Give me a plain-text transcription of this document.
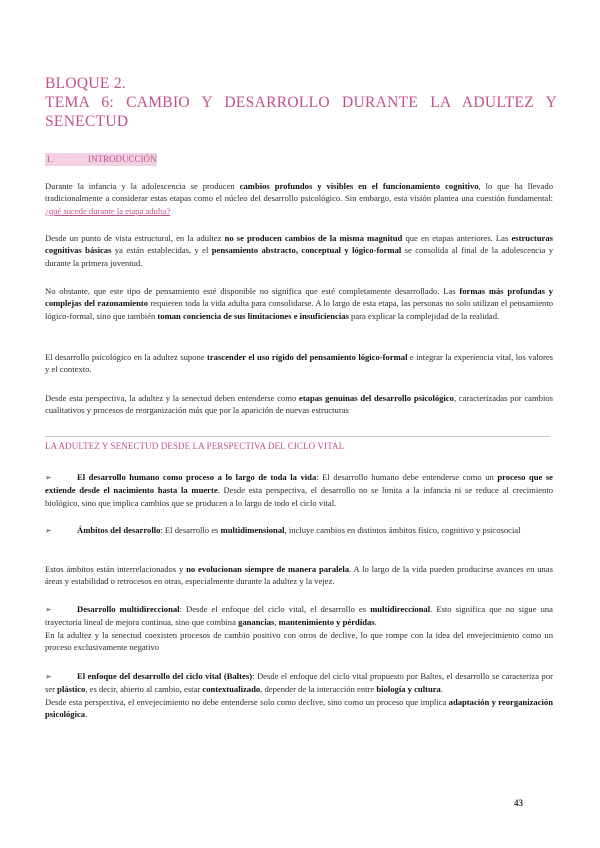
BLOQUE 2.
TEMA 6: CAMBIO Y DESARROLLO DURANTE LA ADULTEZ Y
SENECTUD
1.	INTRODUCCIÓN
Durante la infancia y la adolescencia se producen cambios profundos y visibles en el funcionamiento cognitivo, lo que ha llevado tradicionalmente a considerar estas etapas como el núcleo del desarrollo psicológico. Sin embargo, esta visión plantea una cuestión fundamental: ¿qué sucede durante la etapa adulta?
Desde un punto de vista estructural, en la adultez no se producen cambios de la misma magnitud que en etapas anteriores. Las estructuras cognitivas básicas ya están establecidas, y el pensamiento abstracto, conceptual y lógico-formal se consolida al final de la adolescencia y durante la primera juventud.
No obstante, que este tipo de pensamiento esté disponible no significa que esté completamente desarrollado. Las formas más profundas y complejas del razonamiento requieren toda la vida adulta para consolidarse. A lo largo de esta etapa, las personas no solo utilizan el pensamiento lógico-formal, sino que también toman conciencia de sus limitaciones e insuficiencias para explicar la complejidad de la realidad.
El desarrollo psicológico en la adultez supone trascender el uso rígido del pensamiento lógico-formal e integrar la experiencia vital, los valores y el contexto.
Desde esta perspectiva, la adultez y la senectud deben entenderse como etapas genuinas del desarrollo psicológico, caracterizadas por cambios cualitativos y procesos de reorganización más que por la aparición de nuevas estructuras
LA ADULTEZ Y SENECTUD DESDE LA PERSPECTIVA DEL CICLO VITAL
➢	El desarrollo humano como proceso a lo largo de toda la vida: El desarrollo humano debe entenderse como un proceso que se extiende desde el nacimiento hasta la muerte. Desde esta perspectiva, el desarrollo no se limita a la infancia ni se reduce al crecimiento biológico, sino que implica cambios que se producen a lo largo de todo el ciclo vital.
➢	Ámbitos del desarrollo: El desarrollo es multidimensional, incluye cambios en distintos ámbitos físico, cognitivo y psicosocial
Estos ámbitos están interrelacionados y no evolucionan siempre de manera paralela. A lo largo de la vida pueden producirse avances en unas áreas y estabilidad o retrocesos en otras, especialmente durante la adultez y la vejez.
➢	Desarrollo multidireccional: Desde el enfoque del ciclo vital, el desarrollo es multidireccional. Esto significa que no sigue una trayectoria lineal de mejora continua, sino que combina ganancias, mantenimiento y pérdidas.
En la adultez y la senectud coexisten procesos de cambio positivo con otros de declive, lo que rompe con la idea del envejecimiento como un proceso exclusivamente negativo
➢	El enfoque del desarrollo del ciclo vital (Baltes): Desde el enfoque del ciclo vital propuesto por Baltes, el desarrollo se caracteriza por ser plástico, es decir, abierto al cambio, estar contextualizado, depender de la interacción entre biología y cultura.
Desde esta perspectiva, el envejecimiento no debe entenderse solo como declive, sino como un proceso que implica adaptación y reorganización psicológica.
43
